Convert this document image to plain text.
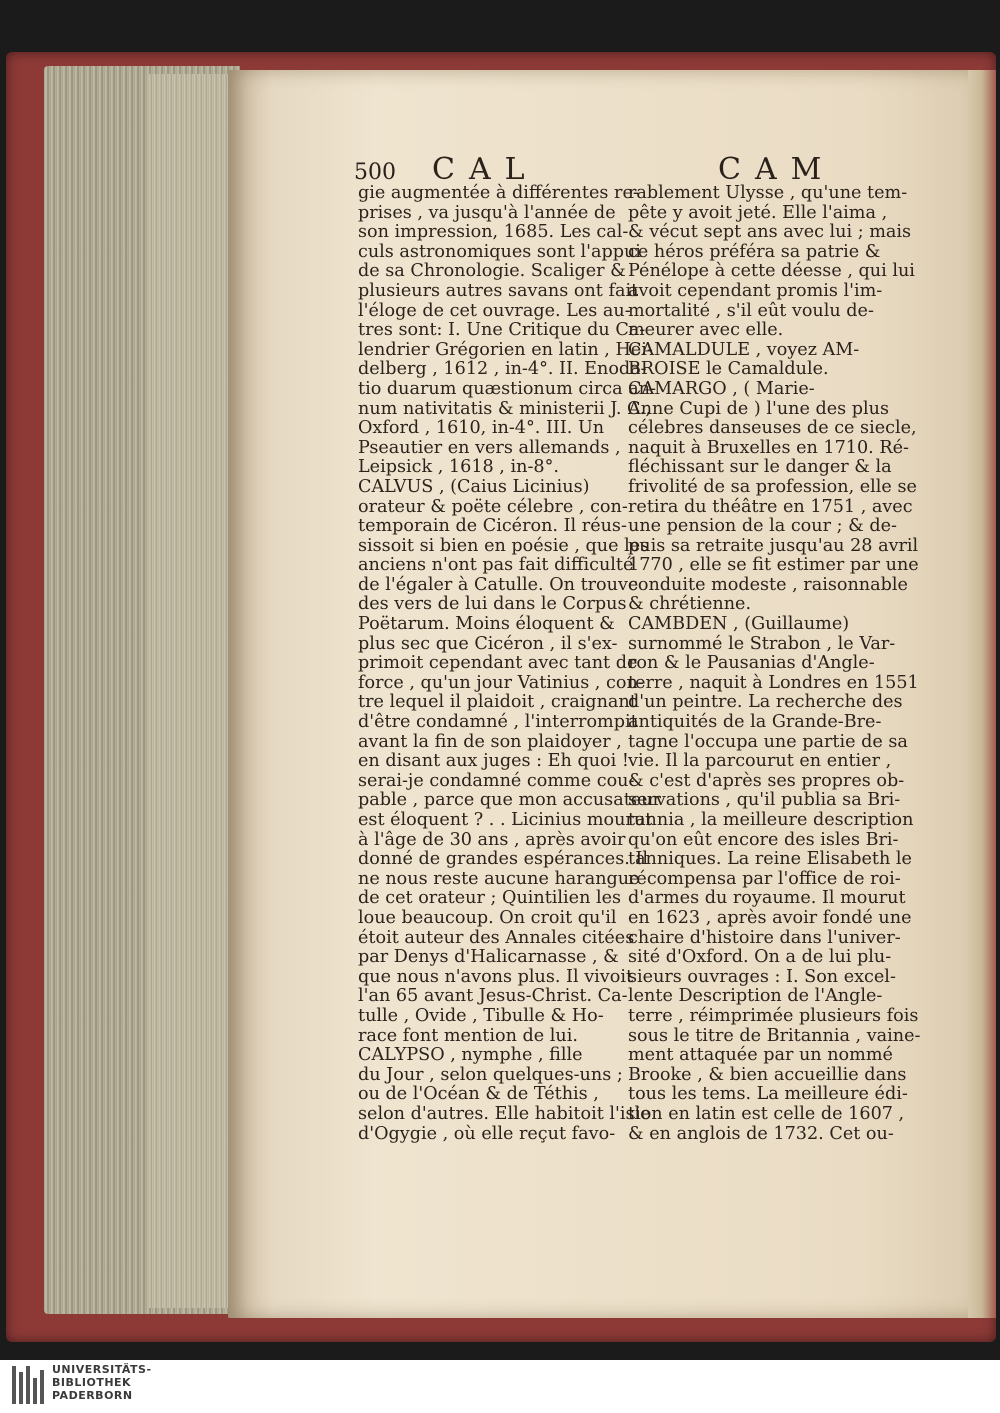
500 CAL	CAM
gie augmentée à différentes re-
prises , va jusqu'à l'année de
son impression, 1685. Les cal-
culs astronomiques sont l'appui
de sa Chronologie. Scaliger &
plusieurs autres savans ont fait
l'éloge de cet ouvrage. Les au-
tres sont: I. Une Critique du Ca-
lendrier Grégorien en latin , Hei-
delberg , 1612 , in-4°. II. Enoda-
tio duarum quæstionum circa an-
num nativitatis & ministerii J. C.,
Oxford , 1610, in-4°. III. Un
Pseautier en vers allemands ,
Leipsick , 1618 , in-8°.
CALVUS , (Caius Licinius)
orateur & poëte célebre , con-
temporain de Cicéron. Il réus-
sissoit si bien en poésie , que les
anciens n'ont pas fait difficulté
de l'égaler à Catulle. On trouve
des vers de lui dans le Corpus
Poëtarum. Moins éloquent &
plus sec que Cicéron , il s'ex-
primoit cependant avec tant de
force , qu'un jour Vatinius , con-
tre lequel il plaidoit , craignant
d'être condamné , l'interrompit
avant la fin de son plaidoyer ,
en disant aux juges : Eh quoi !
serai-je condamné comme cou-
pable , parce que mon accusateur
est éloquent ? . . Licinius mourut
à l'âge de 30 ans , après avoir
donné de grandes espérances. Il
ne nous reste aucune harangue
de cet orateur ; Quintilien les
loue beaucoup. On croit qu'il
étoit auteur des Annales citées
par Denys d'Halicarnasse , &
que nous n'avons plus. Il vivoit
l'an 65 avant Jesus-Christ. Ca-
tulle , Ovide , Tibulle & Ho-
race font mention de lui.
CALYPSO , nymphe , fille
du Jour , selon quelques-uns ;
ou de l'Océan & de Téthis ,
selon d'autres. Elle habitoit l'isle
d'Ogygie , où elle reçut favo-
rablement Ulysse , qu'une tem-
pête y avoit jeté. Elle l'aima ,
& vécut sept ans avec lui ; mais
ce héros préféra sa patrie &
Pénélope à cette déesse , qui lui
avoit cependant promis l'im-
mortalité , s'il eût voulu de-
meurer avec elle.
CAMALDULE , voyez AM-
BROISE le Camaldule.
CAMARGO , ( Marie-
Anne Cupi de ) l'une des plus
célebres danseuses de ce siecle,
naquit à Bruxelles en 1710. Ré-
fléchissant sur le danger & la
frivolité de sa profession, elle se
retira du théâtre en 1751 , avec
une pension de la cour ; & de-
puis sa retraite jusqu'au 28 avril
1770 , elle se fit estimer par une
conduite modeste , raisonnable
& chrétienne.
CAMBDEN , (Guillaume)
surnommé le Strabon , le Var-
ron & le Pausanias d'Angle-
terre , naquit à Londres en 1551
d'un peintre. La recherche des
antiquités de la Grande-Bre-
tagne l'occupa une partie de sa
vie. Il la parcourut en entier ,
& c'est d'après ses propres ob-
servations , qu'il publia sa Bri-
tannia , la meilleure description
qu'on eût encore des isles Bri-
tanniques. La reine Elisabeth le
récompensa par l'office de roi-
d'armes du royaume. Il mourut
en 1623 , après avoir fondé une
chaire d'histoire dans l'univer-
sité d'Oxford. On a de lui plu-
sieurs ouvrages : I. Son excel-
lente Description de l'Angle-
terre , réimprimée plusieurs fois
sous le titre de Britannia , vaine-
ment attaquée par un nommé
Brooke , & bien accueillie dans
tous les tems. La meilleure édi-
tion en latin est celle de 1607 ,
& en anglois de 1732. Cet ou-
UNIVERSITÄTS-
BIBLIOTHEK
PADERBORN
